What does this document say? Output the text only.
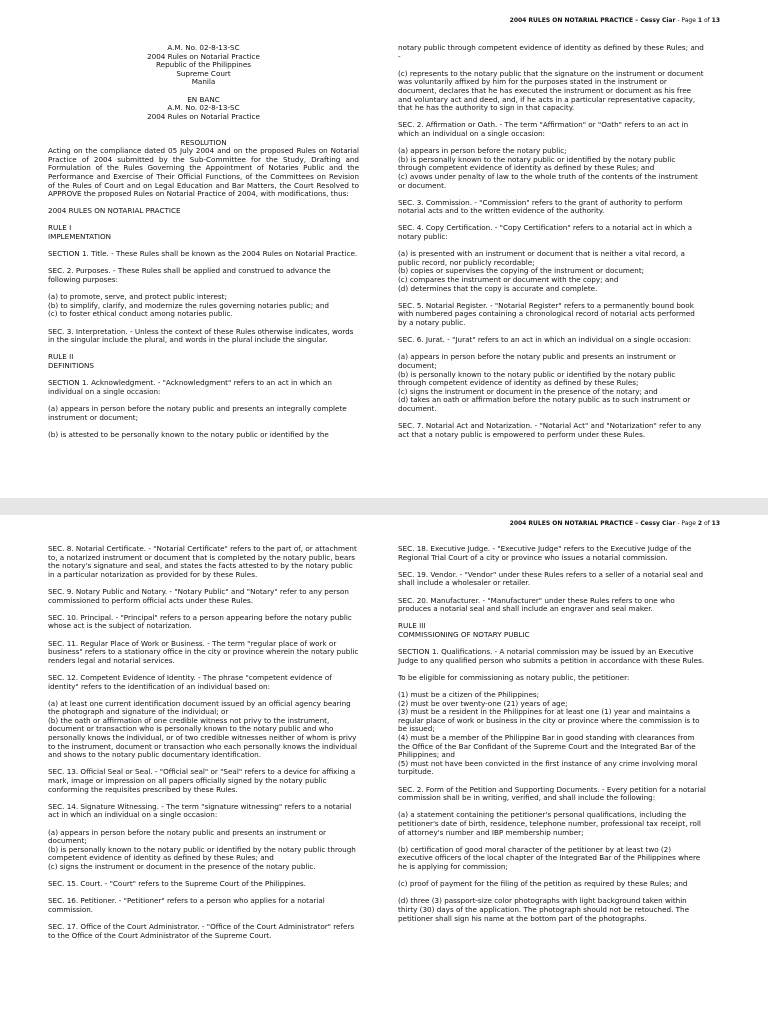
2004 RULES ON NOTARIAL PRACTICE – Cessy Ciar - Page 1 of 13

A.M. No. 02-8-13-SC

2004 Rules on Notarial Practice

Republic of the Philippines

Supreme Court

Manila

EN BANC

A.M. No. 02-8-13-SC

2004 Rules on Notarial Practice

RESOLUTION

Acting on the compliance dated 05 July 2004 and on the proposed Rules on Notarial Practice of 2004 submitted by the Sub-Committee for the Study, Drafting and Formulation of the Rules Governing the Appointment of Notaries Public and the Performance and Exercise of Their Official Functions, of the Committees on Revision of the Rules of Court and on Legal Education and Bar Matters, the Court Resolved to APPROVE the proposed Rules on Notarial Practice of 2004, with modifications, thus:

2004 RULES ON NOTARIAL PRACTICE

RULE I

IMPLEMENTATION

SECTION 1. Title. - These Rules shall be known as the 2004 Rules on Notarial Practice.

SEC. 2. Purposes. - These Rules shall be applied and construed to advance the following purposes:

(a) to promote, serve, and protect public interest;

(b) to simplify, clarify, and modernize the rules governing notaries public; and

(c) to foster ethical conduct among notaries public.

SEC. 3. Interpretation. - Unless the context of these Rules otherwise indicates, words in the singular include the plural, and words in the plural include the singular.

RULE II

DEFINITIONS

SECTION 1. Acknowledgment. - "Acknowledgment" refers to an act in which an individual on a single occasion:

(a) appears in person before the notary public and presents an integrally complete instrument or document;

(b) is attested to be personally known to the notary public or identified by the

notary public through competent evidence of identity as defined by these Rules; and -

(c) represents to the notary public that the signature on the instrument or document was voluntarily affixed by him for the purposes stated in the instrument or document, declares that he has executed the instrument or document as his free and voluntary act and deed, and, if he acts in a particular representative capacity, that he has the authority to sign in that capacity.

SEC. 2. Affirmation or Oath. - The term "Affirmation" or "Oath" refers to an act in which an individual on a single occasion:

(a) appears in person before the notary public;

(b) is personally known to the notary public or identified by the notary public through competent evidence of identity as defined by these Rules; and

(c) avows under penalty of law to the whole truth of the contents of the instrument or document.

SEC. 3. Commission. - "Commission" refers to the grant of authority to perform notarial acts and to the written evidence of the authority.

SEC. 4. Copy Certification. - "Copy Certification" refers to a notarial act in which a notary public:

(a) is presented with an instrument or document that is neither a vital record, a public record, nor publicly recordable;

(b) copies or supervises the copying of the instrument or document;

(c) compares the instrument or document with the copy; and

(d) determines that the copy is accurate and complete.

SEC. 5. Notarial Register. - "Notarial Register" refers to a permanently bound book with numbered pages containing a chronological record of notarial acts performed by a notary public.

SEC. 6. Jurat. - "Jurat" refers to an act in which an individual on a single occasion:

(a) appears in person before the notary public and presents an instrument or document;

(b) is personally known to the notary public or identified by the notary public through competent evidence of identity as defined by these Rules;

(c) signs the instrument or document in the presence of the notary; and

(d) takes an oath or affirmation before the notary public as to such instrument or document.

SEC. 7. Notarial Act and Notarization. - "Notarial Act" and "Notarization" refer to any act that a notary public is empowered to perform under these Rules.

2004 RULES ON NOTARIAL PRACTICE – Cessy Ciar - Page 2 of 13

SEC. 8. Notarial Certificate. - "Notarial Certificate" refers to the part of, or attachment to, a notarized instrument or document that is completed by the notary public, bears the notary's signature and seal, and states the facts attested to by the notary public in a particular notarization as provided for by these Rules.

SEC. 9. Notary Public and Notary. - "Notary Public" and "Notary" refer to any person commissioned to perform official acts under these Rules.

SEC. 10. Principal. - "Principal" refers to a person appearing before the notary public whose act is the subject of notarization.

SEC. 11. Regular Place of Work or Business. - The term "regular place of work or business" refers to a stationary office in the city or province wherein the notary public renders legal and notarial services.

SEC. 12. Competent Evidence of Identity. - The phrase "competent evidence of identity" refers to the identification of an individual based on:

(a) at least one current identification document issued by an official agency bearing the photograph and signature of the individual; or

(b) the oath or affirmation of one credible witness not privy to the instrument, document or transaction who is personally known to the notary public and who personally knows the individual, or of two credible witnesses neither of whom is privy to the instrument, document or transaction who each personally knows the individual and shows to the notary public documentary identification.

SEC. 13. Official Seal or Seal. - "Official seal" or "Seal" refers to a device for affixing a mark, image or impression on all papers officially signed by the notary public conforming the requisites prescribed by these Rules.

SEC. 14. Signature Witnessing. - The term "signature witnessing" refers to a notarial act in which an individual on a single occasion:

(a) appears in person before the notary public and presents an instrument or document;

(b) is personally known to the notary public or identified by the notary public through competent evidence of identity as defined by these Rules; and

(c) signs the instrument or document in the presence of the notary public.

SEC. 15. Court. - "Court" refers to the Supreme Court of the Philippines.

SEC. 16. Petitioner. - "Petitioner" refers to a person who applies for a notarial commission.

SEC. 17. Office of the Court Administrator. - "Office of the Court Administrator" refers to the Office of the Court Administrator of the Supreme Court.

SEC. 18. Executive Judge. - "Executive Judge" refers to the Executive Judge of the Regional Trial Court of a city or province who issues a notarial commission.

SEC. 19. Vendor. - "Vendor" under these Rules refers to a seller of a notarial seal and shall include a wholesaler or retailer.

SEC. 20. Manufacturer. - "Manufacturer" under these Rules refers to one who produces a notarial seal and shall include an engraver and seal maker.

RULE III

COMMISSIONING OF NOTARY PUBLIC

SECTION 1. Qualifications. - A notarial commission may be issued by an Executive Judge to any qualified person who submits a petition in accordance with these Rules.

To be eligible for commissioning as notary public, the petitioner:

(1) must be a citizen of the Philippines;

(2) must be over twenty-one (21) years of age;

(3) must be a resident in the Philippines for at least one (1) year and maintains a regular place of work or business in the city or province where the commission is to be issued;

(4) must be a member of the Philippine Bar in good standing with clearances from the Office of the Bar Confidant of the Supreme Court and the Integrated Bar of the Philippines; and

(5) must not have been convicted in the first instance of any crime involving moral turpitude.

SEC. 2. Form of the Petition and Supporting Documents. - Every petition for a notarial commission shall be in writing, verified, and shall include the following:

(a) a statement containing the petitioner's personal qualifications, including the petitioner's date of birth, residence, telephone number, professional tax receipt, roll of attorney's number and IBP membership number;

(b) certification of good moral character of the petitioner by at least two (2) executive officers of the local chapter of the Integrated Bar of the Philippines where he is applying for commission;

(c) proof of payment for the filing of the petition as required by these Rules; and

(d) three (3) passport-size color photographs with light background taken within thirty (30) days of the application. The photograph should not be retouched. The petitioner shall sign his name at the bottom part of the photographs.
